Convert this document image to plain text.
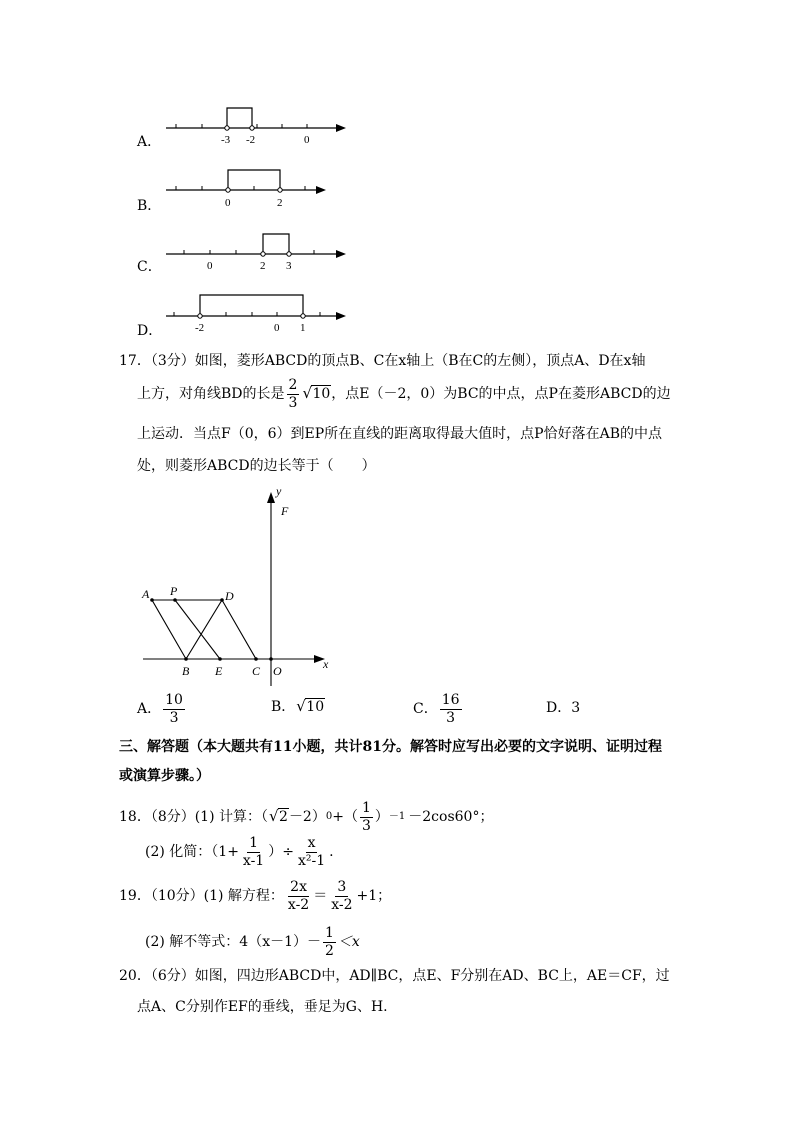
A．	-3 -2	0
B．	0	2
C．	0	2 3
D．	-2	0 1
17．（3分）如图，菱形ABCD的顶点B、C在x轴上（B在C的左侧），顶点A、D在x轴
上方，对角线BD的长是 $\frac{2}{3}$ √ 10 ，点E（－2，0）为BC的中点，点P在菱形ABCD的边
上运动．当点F（0，6）到EP所在直线的距离取得最大值时，点P恰好落在AB的中点
处，则菱形ABCD的边长等于（　　）
A P	D
B E C O	x
y
F
A． $\frac{10}{3}$	B． √ 10	C． $\frac{16}{3}$	D．3
三、解答题（本大题共有11小题，共计81分。解答时应写出必要的文字说明、证明过程
或演算步骤。）
18．（8分）(1) 计算：（ √ 2 －2） 0 +（ $\frac{1}{3}$ ） －1 －2cos60°；
(2) 化简：（$1+ \frac{1}{x-1}$ ）÷ $\frac{x}{\text{x²-1}}$ .
19．（10分）(1) 解方程： $\frac{2x}{x-2} = \frac{3}{x-2} +1$；
(2) 解不等式：$4(x-1)- \frac{1}{2} <x$
20．（6分）如图，四边形ABCD中，AD∥BC，点E、F分别在AD、BC上，AE＝CF，过
点A、C分别作EF的垂线，垂足为G、H.
